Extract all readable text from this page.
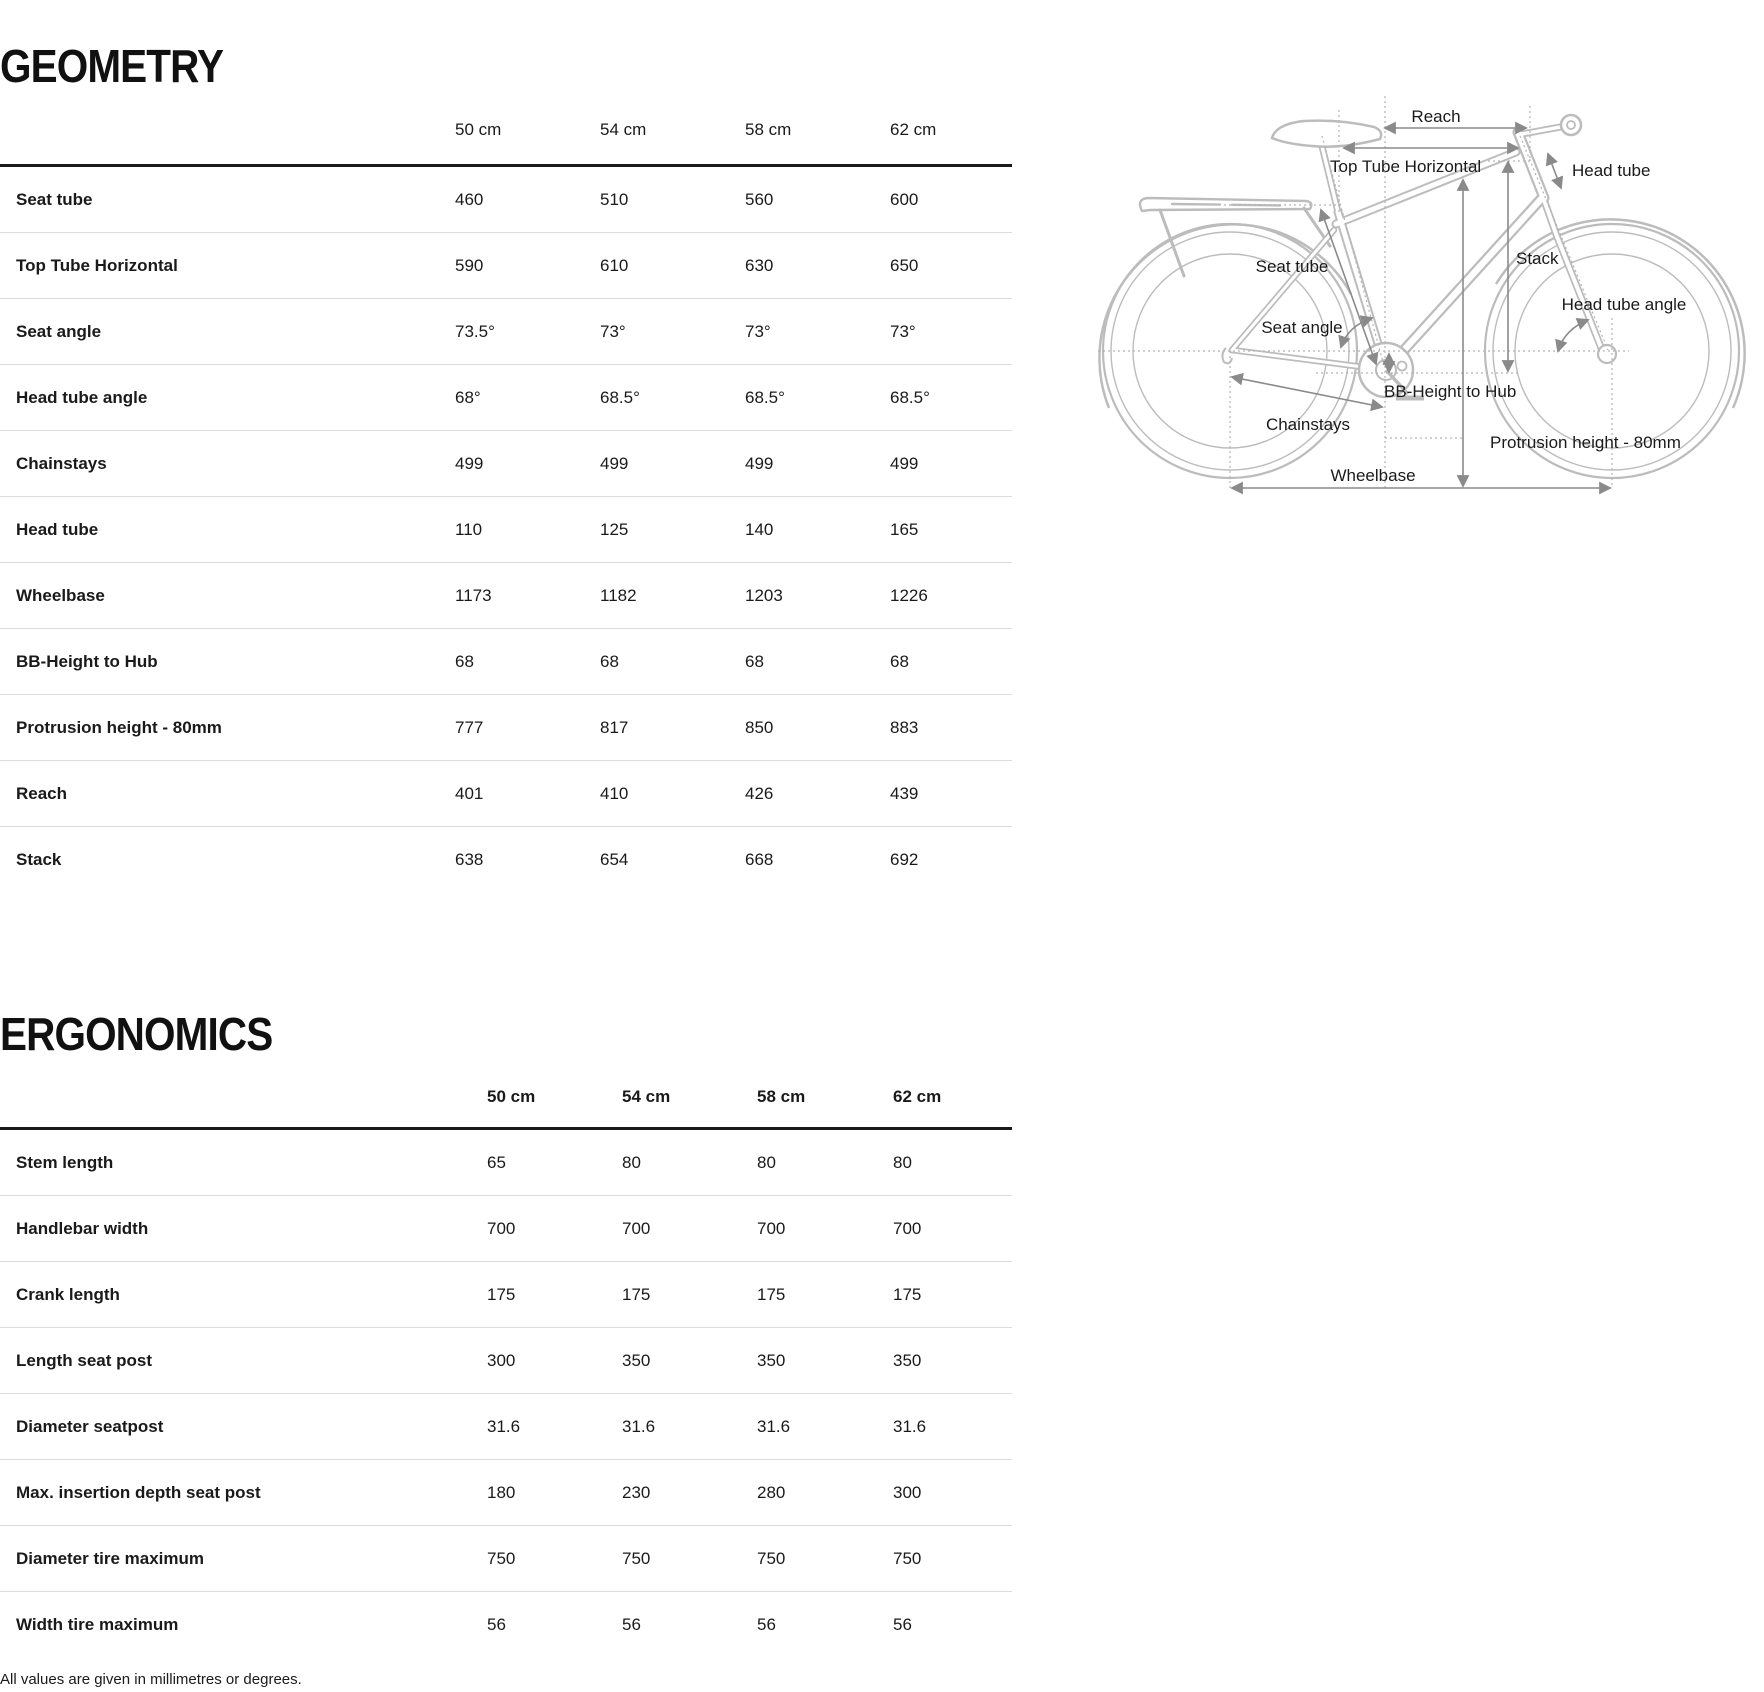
GEOMETRY
50 cm	54 cm	58 cm	62 cm
Seat tube	460	510	560	600
Top Tube Horizontal	590	610	630	650
Seat angle	73.5°	73°	73°	73°
Head tube angle	68°	68.5°	68.5°	68.5°
Chainstays	499	499	499	499
Head tube	110	125	140	165
Wheelbase	1173	1182	1203	1226
BB-Height to Hub	68	68	68	68
Protrusion height - 80mm	777	817	850	883
Reach	401	410	426	439
Stack	638	654	668	692
ERGONOMICS
50 cm	54 cm	58 cm	62 cm
Stem length	65	80	80	80
Handlebar width	700	700	700	700
Crank length	175	175	175	175
Length seat post	300	350	350	350
Diameter seatpost	31.6	31.6	31.6	31.6
Max. insertion depth seat post	180	230	280	300
Diameter tire maximum	750	750	750	750
Width tire maximum	56	56	56	56
All values are given in millimetres or degrees.
Reach
Top Tube Horizontal	Head tube
Seat tube	Stack
Head tube angle
Seat angle
BB-Height to Hub
Chainstays
Protrusion height - 80mm
Wheelbase
